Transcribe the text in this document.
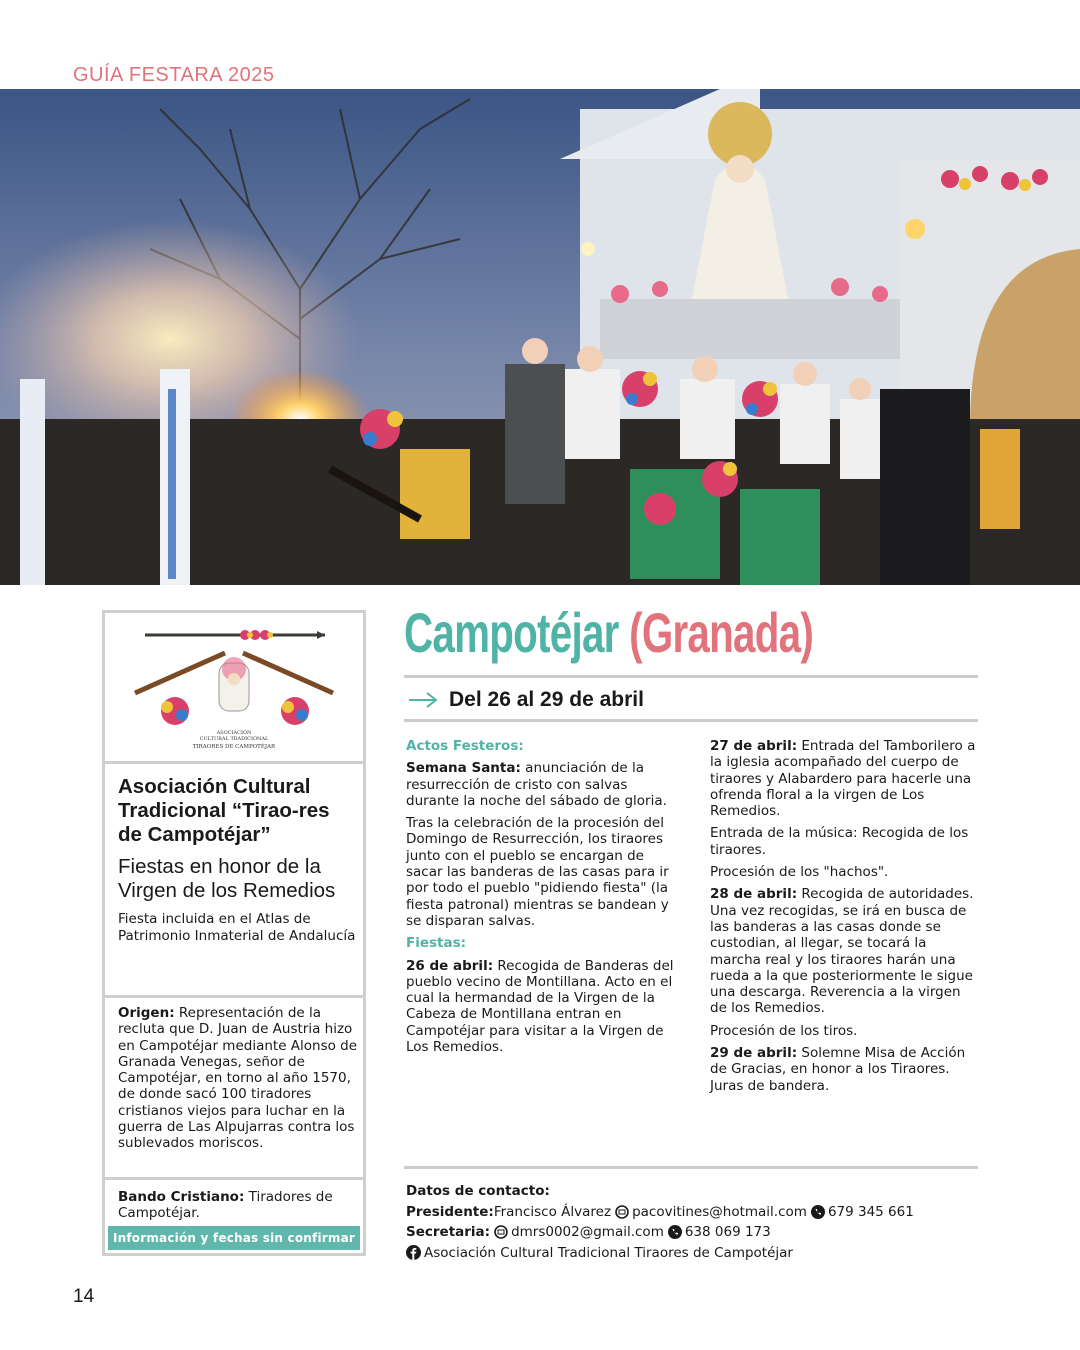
GUÍA FESTARA 2025
ASOCIACIÓN
CULTURAL TRADICIONAL
TIRAORES DE CAMPOTÉJAR

Asociación Cultural Tradicional “Tirao-res de Campotéjar”

Fiestas en honor de la Virgen de los Remedios

Fiesta incluida en el Atlas de Patrimonio Inmaterial de Andalucía

Origen: Representación de la recluta que D. Juan de Austria hizo en Campotéjar mediante Alonso de Granada Venegas, señor de Campotéjar, en torno al año 1570, de donde sacó 100 tiradores cristianos viejos para luchar en la guerra de Las Alpujarras contra los sublevados moriscos.
Bando Cristiano: Tiradores de Campotéjar.
Información y fechas sin confirmar
Campotéjar (Granada)
Del 26 al 29 de abril

Actos Festeros:

Semana Santa: anunciación de la resurrección de cristo con salvas durante la noche del sábado de gloria.

Tras la celebración de la procesión del Domingo de Resurrección, los tiraores junto con el pueblo se encargan de sacar las banderas de las casas para ir por todo el pueblo "pidiendo fiesta" (la fiesta patronal) mientras se bandean y se disparan salvas.

Fiestas:

26 de abril: Recogida de Banderas del pueblo vecino de Montillana. Acto en el cual la hermandad de la Virgen de la Cabeza de Montillana entran en Campotéjar para visitar a la Virgen de Los Remedios.

27 de abril: Entrada del Tamborilero a la iglesia acompañado del cuerpo de tiraores y Alabardero para hacerle una ofrenda floral a la virgen de Los Remedios.

Entrada de la música: Recogida de los tiraores.

Procesión de los "hachos".

28 de abril: Recogida de autoridades. Una vez recogidas, se irá en busca de las banderas a las casas donde se custodian, al llegar, se tocará la marcha real y los tiraores harán una rueda a la que posteriormente le sigue una descarga. Reverencia a la virgen de los Remedios.

Procesión de los tiros.

29 de abril: Solemne Misa de Acción de Gracias, en honor a los Tiraores. Juras de bandera.

Datos de contacto:
Presidente: Francisco Álvarez pacovitines@hotmail.com 679 345 661
Secretaria: dmrs0002@gmail.com 638 069 173
Asociación Cultural Tradicional Tiraores de Campotéjar
14
